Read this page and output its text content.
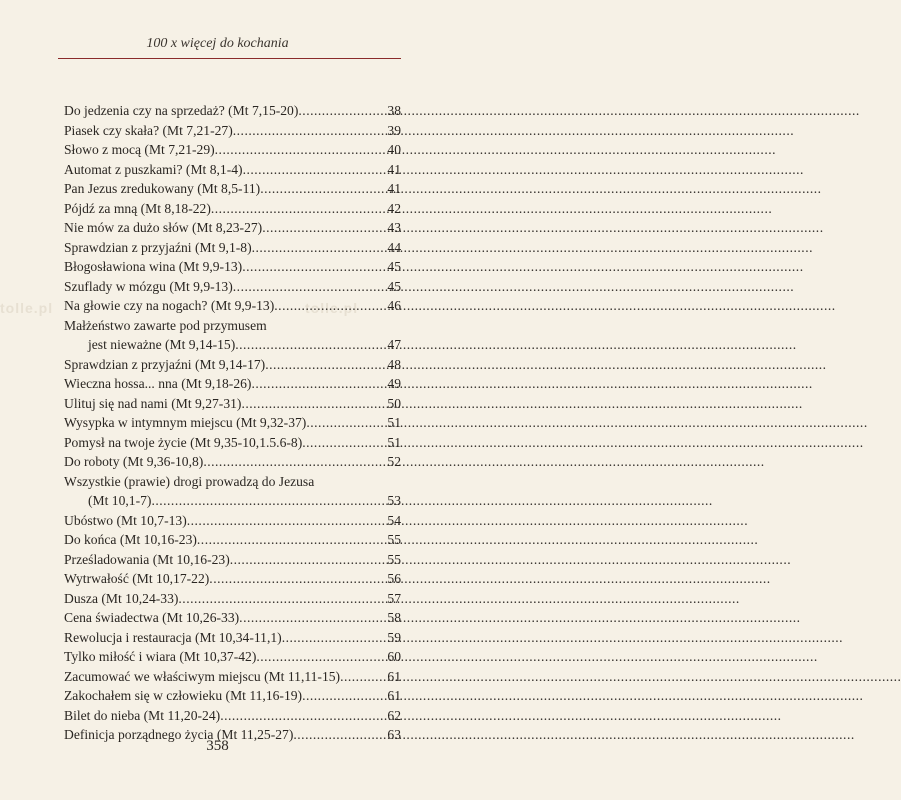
tolle.pl	tolle.pl
100 x więcej do kochania
Do jedzenia czy na sprzedaż? (Mt 7,15-20) .....	38
Piasek czy skała? (Mt 7,21-27) .....	39
Słowo z mocą (Mt 7,21-29) .....	40
Automat z puszkami? (Mt 8,1-4) .....	41
Pan Jezus zredukowany (Mt 8,5-11) .....	41
Pójdź za mną (Mt 8,18-22) .....	42
Nie mów za dużo słów (Mt 8,23-27) .....	43
Sprawdzian z przyjaźni (Mt 9,1-8) .....	44
Błogosławiona wina (Mt 9,9-13) .....	45
Szuflady w mózgu (Mt 9,9-13) .....	45
Na głowie czy na nogach? (Mt 9,9-13) .....	46
Małżeństwo zawarte pod przymusem
jest nieważne (Mt 9,14-15) .....	47
Sprawdzian z przyjaźni (Mt 9,14-17) .....	48
Wieczna hossa... nna (Mt 9,18-26) .....	49
Ulituj się nad nami (Mt 9,27-31) .....	50
Wysypka w intymnym miejscu (Mt 9,32-37) .....	51
Pomysł na twoje życie (Mt 9,35-10,1.5.6-8) .....	51
Do roboty (Mt 9,36-10,8) .....	52
Wszystkie (prawie) drogi prowadzą do Jezusa
(Mt 10,1-7) .....	53
Ubóstwo (Mt 10,7-13) .....	54
Do końca (Mt 10,16-23) .....	55
Prześladowania (Mt 10,16-23) .....	55
Wytrwałość (Mt 10,17-22) .....	56
Dusza (Mt 10,24-33) .....	57
Cena świadectwa (Mt 10,26-33) .....	58
Rewolucja i restauracja (Mt 10,34-11,1) .....	59
Tylko miłość i wiara (Mt 10,37-42) .....	60
Zacumować we właściwym miejscu (Mt 11,11-15) .....	61
Zakochałem się w człowieku (Mt 11,16-19) .....	61
Bilet do nieba (Mt 11,20-24) .....	62
Definicja porządnego życia (Mt 11,25-27) .....	63
358
